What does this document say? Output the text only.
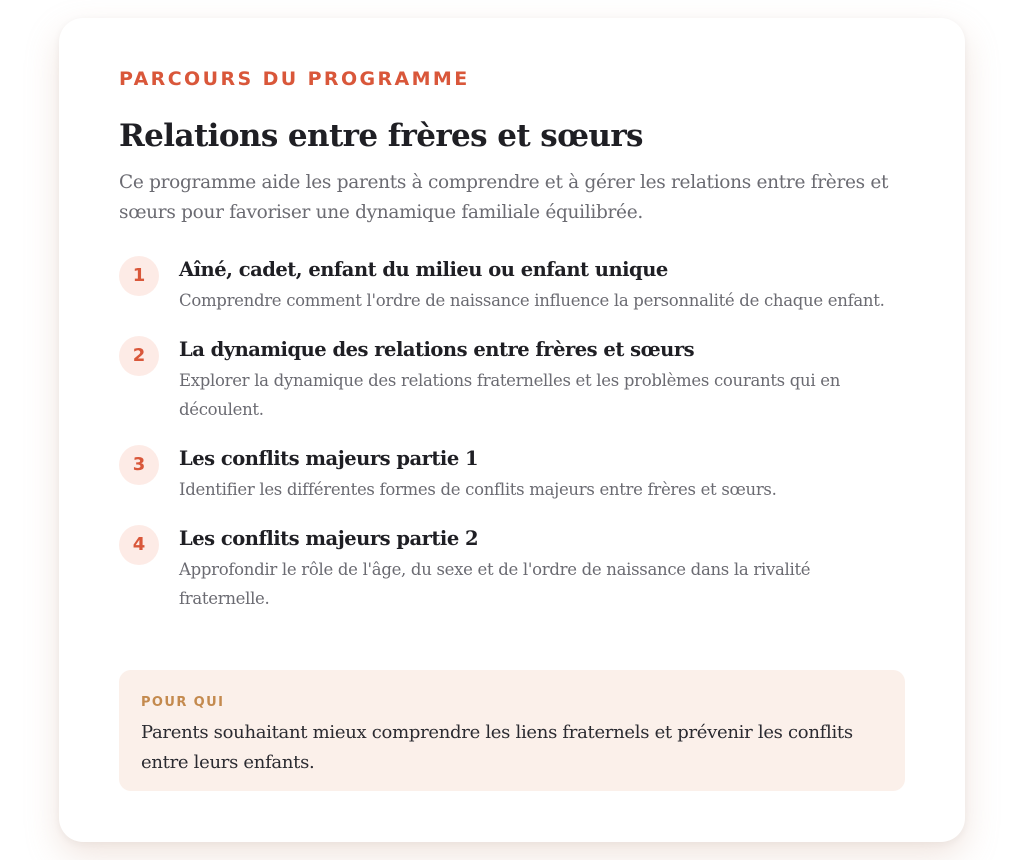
PARCOURS DU PROGRAMME
Relations entre frères et sœurs

Ce programme aide les parents à comprendre et à gérer les relations entre frères et sœurs pour favoriser une dynamique familiale équilibrée.

1	Aîné, cadet, enfant du milieu ou enfant unique
Comprendre comment l'ordre de naissance influence la personnalité de chaque enfant.
2	La dynamique des relations entre frères et sœurs
Explorer la dynamique des relations fraternelles et les problèmes courants qui en découlent.
3	Les conflits majeurs partie 1
Identifier les différentes formes de conflits majeurs entre frères et sœurs.
4	Les conflits majeurs partie 2
Approfondir le rôle de l'âge, du sexe et de l'ordre de naissance dans la rivalité fraternelle.
POUR QUI
Parents souhaitant mieux comprendre les liens fraternels et prévenir les conflits entre leurs enfants.
